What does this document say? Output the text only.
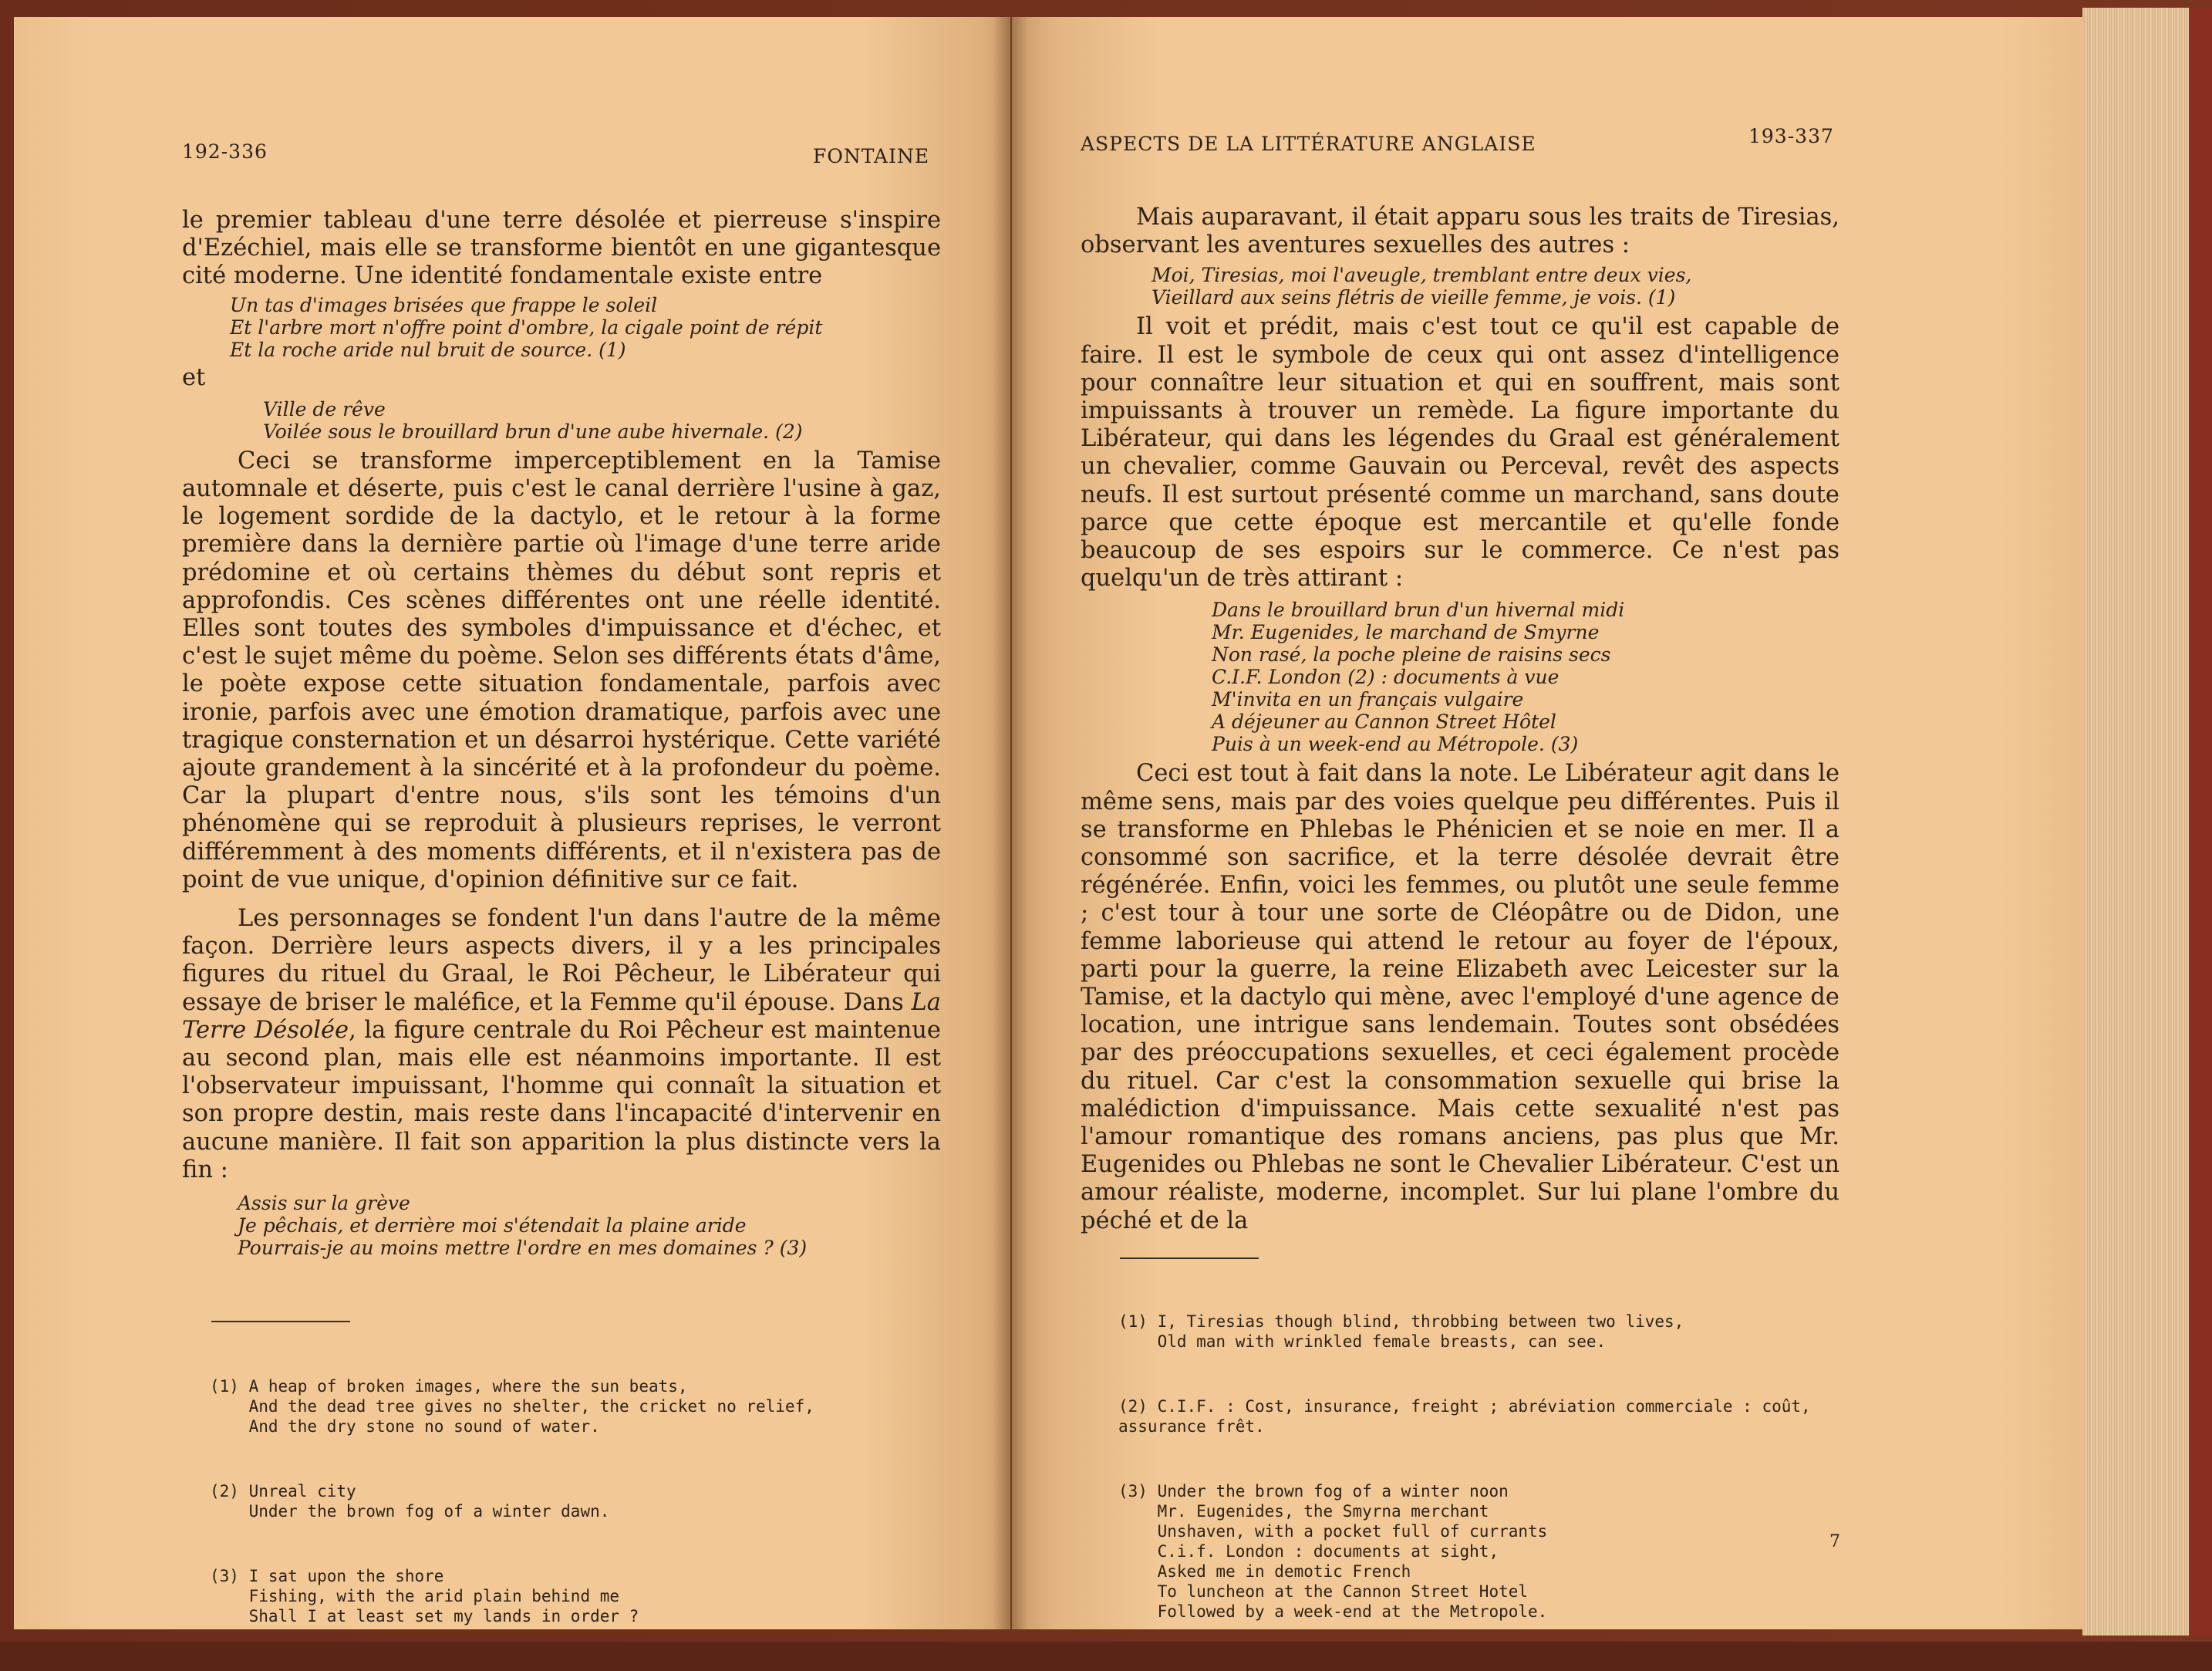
192-336	FONTAINE

le premier tableau d'une terre désolée et pierreuse s'inspire d'Ezéchiel, mais elle se transforme bientôt en une gigantesque cité moderne. Une identité fondamentale existe entre

Un tas d'images brisées que frappe le soleil
Et l'arbre mort n'offre point d'ombre, la cigale point de répit
Et la roche aride nul bruit de source. (1)

et

Ville de rêve
Voilée sous le brouillard brun d'une aube hivernale. (2)

Ceci se transforme imperceptiblement en la Tamise automnale et déserte, puis c'est le canal derrière l'usine à gaz, le logement sordide de la dactylo, et le retour à la forme première dans la dernière partie où l'image d'une terre aride prédomine et où certains thèmes du début sont repris et approfondis. Ces scènes différentes ont une réelle identité. Elles sont toutes des symboles d'impuissance et d'échec, et c'est le sujet même du poème. Selon ses différents états d'âme, le poète expose cette situation fondamentale, parfois avec ironie, parfois avec une émotion dramatique, parfois avec une tragique consternation et un désarroi hystérique. Cette variété ajoute grandement à la sincérité et à la profondeur du poème. Car la plupart d'entre nous, s'ils sont les témoins d'un phénomène qui se reproduit à plusieurs reprises, le verront différemment à des moments différents, et il n'existera pas de point de vue unique, d'opinion définitive sur ce fait.

Les personnages se fondent l'un dans l'autre de la même façon. Derrière leurs aspects divers, il y a les principales figures du rituel du Graal, le Roi Pêcheur, le Libérateur qui essaye de briser le maléfice, et la Femme qu'il épouse. Dans La Terre Désolée, la figure centrale du Roi Pêcheur est maintenue au second plan, mais elle est néanmoins importante. Il est l'observateur impuissant, l'homme qui connaît la situation et son propre destin, mais reste dans l'incapacité d'intervenir en aucune manière. Il fait son apparition la plus distincte vers la fin :

Assis sur la grève
Je pêchais, et derrière moi s'étendait la plaine aride
Pourrais-je au moins mettre l'ordre en mes domaines ? (3)

(1) A heap of broken images, where the sun beats,
And the dead tree gives no shelter, the cricket no relief,
And the dry stone no sound of water.

(2) Unreal city
Under the brown fog of a winter dawn.

(3) I sat upon the shore
Fishing, with the arid plain behind me
Shall I at least set my lands in order ?

ASPECTS DE LA LITTÉRATURE ANGLAISE	193-337

Mais auparavant, il était apparu sous les traits de Tiresias, observant les aventures sexuelles des autres :

Moi, Tiresias, moi l'aveugle, tremblant entre deux vies,
Vieillard aux seins flétris de vieille femme, je vois. (1)

Il voit et prédit, mais c'est tout ce qu'il est capable de faire. Il est le symbole de ceux qui ont assez d'intelligence pour connaître leur situation et qui en souffrent, mais sont impuissants à trouver un remède. La figure importante du Libérateur, qui dans les légendes du Graal est généralement un chevalier, comme Gauvain ou Perceval, revêt des aspects neufs. Il est surtout présenté comme un marchand, sans doute parce que cette époque est mercantile et qu'elle fonde beaucoup de ses espoirs sur le commerce. Ce n'est pas quelqu'un de très attirant :

Dans le brouillard brun d'un hivernal midi
Mr. Eugenides, le marchand de Smyrne
Non rasé, la poche pleine de raisins secs
C.I.F. London (2) : documents à vue
M'invita en un français vulgaire
A déjeuner au Cannon Street Hôtel
Puis à un week-end au Métropole. (3)

Ceci est tout à fait dans la note. Le Libérateur agit dans le même sens, mais par des voies quelque peu différentes. Puis il se transforme en Phlebas le Phénicien et se noie en mer. Il a consommé son sacrifice, et la terre désolée devrait être régénérée. Enfin, voici les femmes, ou plutôt une seule femme ; c'est tour à tour une sorte de Cléopâtre ou de Didon, une femme laborieuse qui attend le retour au foyer de l'époux, parti pour la guerre, la reine Elizabeth avec Leicester sur la Tamise, et la dactylo qui mène, avec l'employé d'une agence de location, une intrigue sans lendemain. Toutes sont obsédées par des préoccupations sexuelles, et ceci également procède du rituel. Car c'est la consommation sexuelle qui brise la malédiction d'impuissance. Mais cette sexualité n'est pas l'amour romantique des romans anciens, pas plus que Mr. Eugenides ou Phlebas ne sont le Chevalier Libérateur. C'est un amour réaliste, moderne, incomplet. Sur lui plane l'ombre du péché et de la

(1) I, Tiresias though blind, throbbing between two lives,
Old man with wrinkled female breasts, can see.

(2) C.I.F. : Cost, insurance, freight ; abréviation commerciale : coût,
assurance frêt.

(3) Under the brown fog of a winter noon
Mr. Eugenides, the Smyrna merchant
Unshaven, with a pocket full of currants
C.i.f. London : documents at sight,
Asked me in demotic French
To luncheon at the Cannon Street Hotel
Followed by a week-end at the Metropole.

7
